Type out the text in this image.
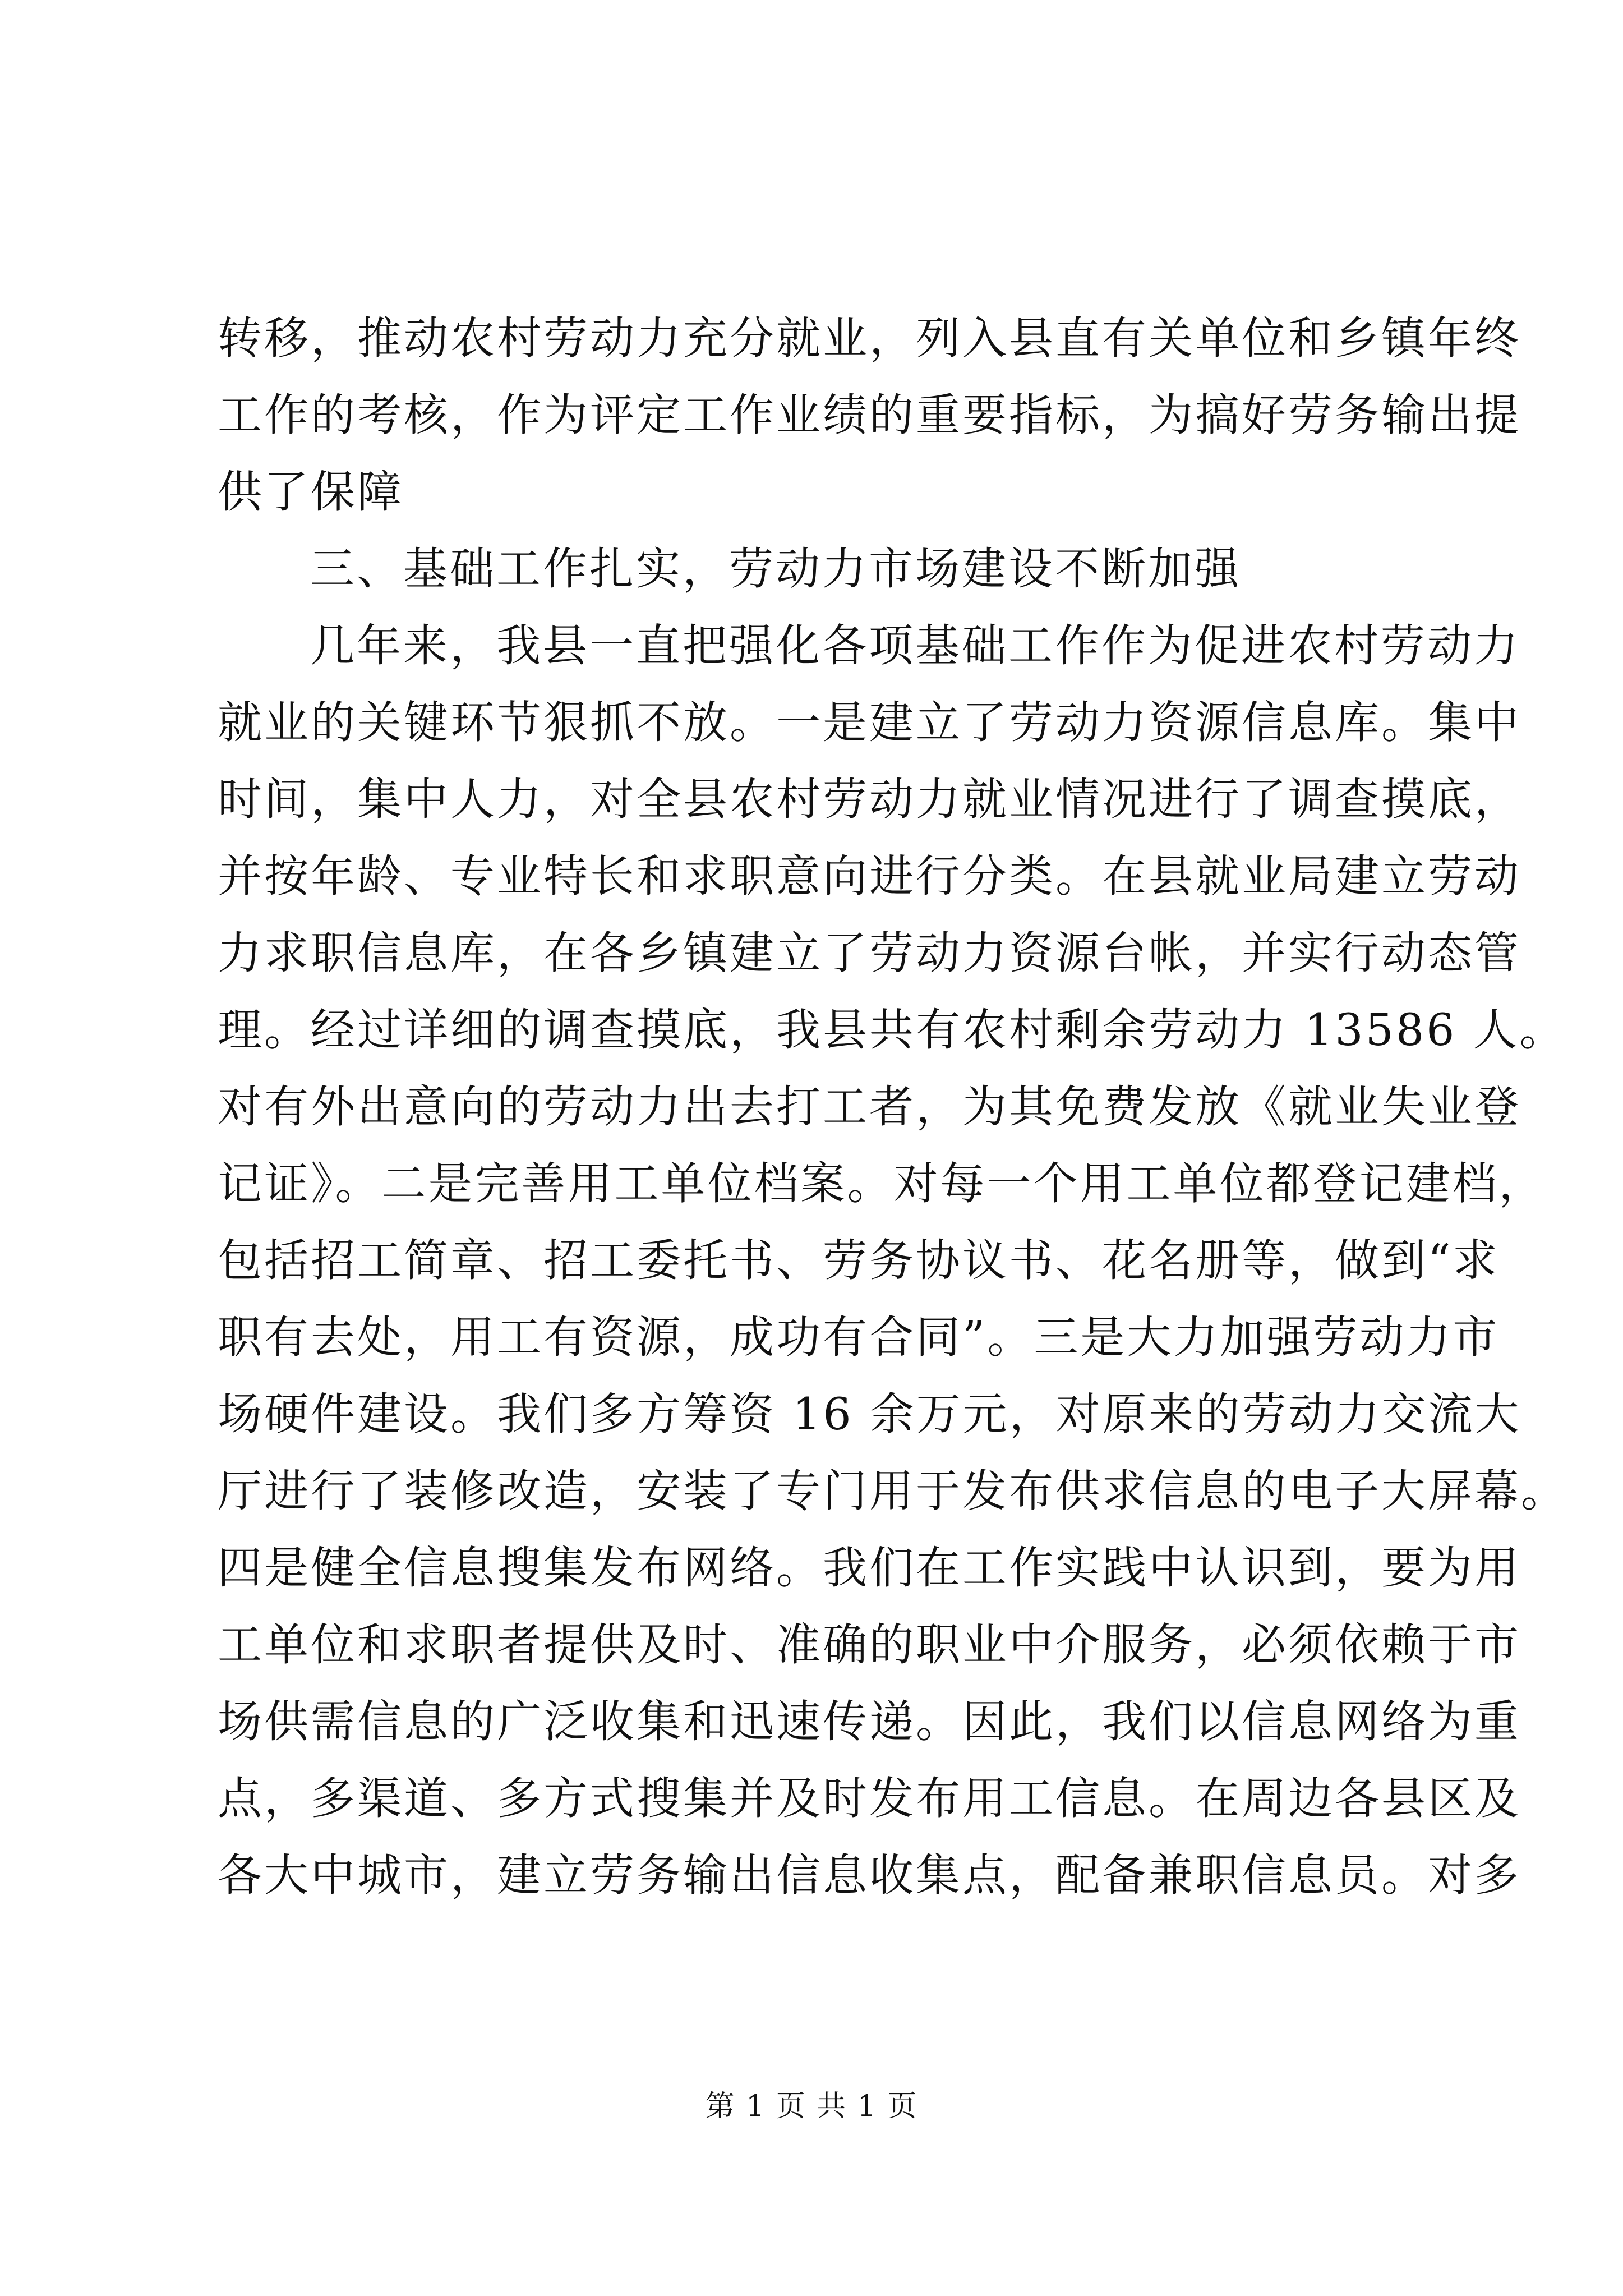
转移，推动农村劳动力充分就业，列入县直有关单位和乡镇年终
工作的考核，作为评定工作业绩的重要指标，为搞好劳务输出提
供了保障
三、基础工作扎实，劳动力市场建设不断加强
几年来，我县一直把强化各项基础工作作为促进农村劳动力
就业的关键环节狠抓不放。一是建立了劳动力资源信息库。集中
时间，集中人力，对全县农村劳动力就业情况进行了调查摸底，
并按年龄、专业特长和求职意向进行分类。在县就业局建立劳动
力求职信息库，在各乡镇建立了劳动力资源台帐，并实行动态管
理。经过详细的调查摸底，我县共有农村剩余劳动力 13586 人。
对有外出意向的劳动力出去打工者，为其免费发放《就业失业登
记证》。二是完善用工单位档案。对每一个用工单位都登记建档，
包括招工简章、招工委托书、劳务协议书、花名册等，做到“求
职有去处，用工有资源，成功有合同”。三是大力加强劳动力市
场硬件建设。我们多方筹资 16 余万元，对原来的劳动力交流大
厅进行了装修改造，安装了专门用于发布供求信息的电子大屏幕。
四是健全信息搜集发布网络。我们在工作实践中认识到，要为用
工单位和求职者提供及时、准确的职业中介服务，必须依赖于市
场供需信息的广泛收集和迅速传递。因此，我们以信息网络为重
点，多渠道、多方式搜集并及时发布用工信息。在周边各县区及
各大中城市，建立劳务输出信息收集点，配备兼职信息员。对多
第 1 页 共 1 页
